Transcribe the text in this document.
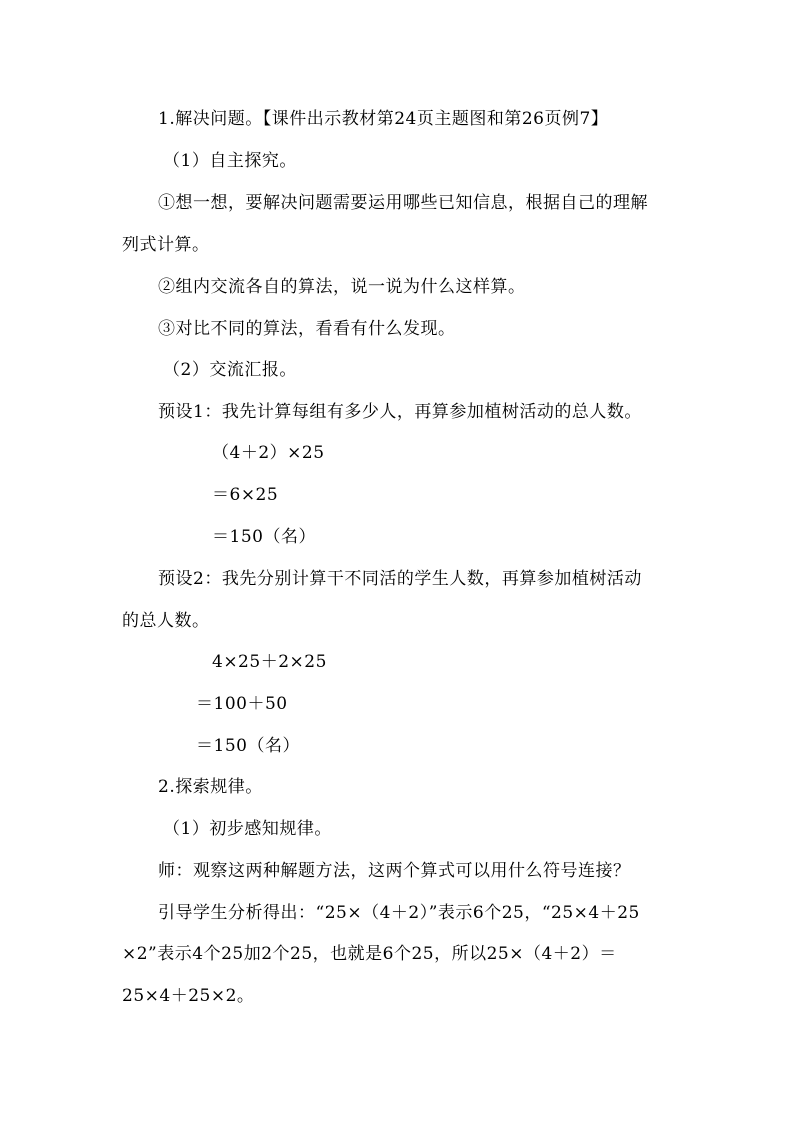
1.解决问题。【课件出示教材第24页主题图和第26页例7】
（1）自主探究。
①想一想，要解决问题需要运用哪些已知信息，根据自己的理解
列式计算。
②组内交流各自的算法，说一说为什么这样算。
③对比不同的算法，看看有什么发现。
（2）交流汇报。
预设1：我先计算每组有多少人，再算参加植树活动的总人数。
（4＋2）×25
＝6×25
＝150（名）
预设2：我先分别计算干不同活的学生人数，再算参加植树活动
的总人数。
4×25＋2×25
＝100＋50
＝150（名）
2.探索规律。
（1）初步感知规律。
师：观察这两种解题方法，这两个算式可以用什么符号连接？
引导学生分析得出：“25×（4＋2）”表示6个25，“25×4＋25
×2”表示4个25加2个25，也就是6个25，所以25×（4＋2）＝
25×4＋25×2。
